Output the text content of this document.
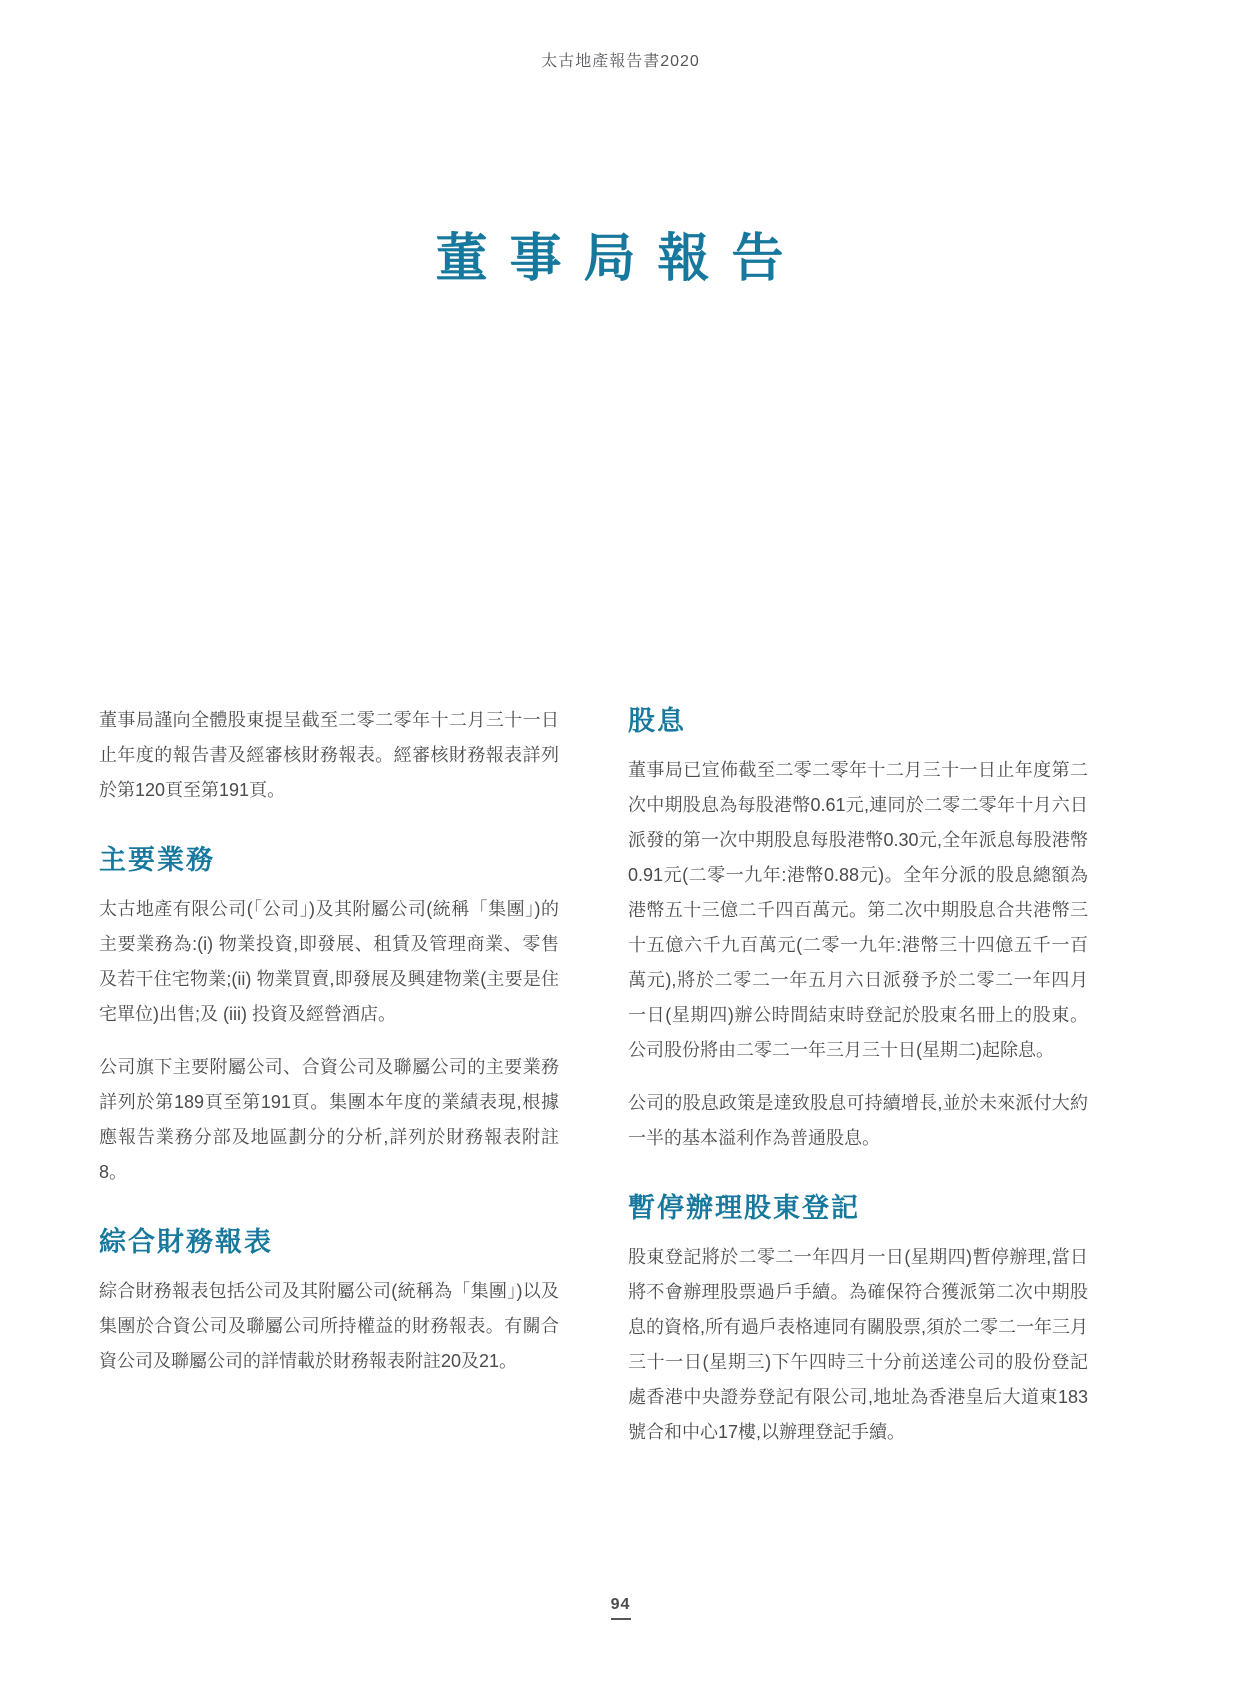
太古地產報告書2020
董事局報告

董事局謹向全體股東提呈截至二零二零年十二月三十一日止年度的報告書及經審核財務報表。經審核財務報表詳列於第120頁至第191頁。

主要業務

太古地產有限公司(「公司」)及其附屬公司(統稱「集團」)的主要業務為:(i) 物業投資,即發展、租賃及管理商業、零售及若干住宅物業;(ii) 物業買賣,即發展及興建物業(主要是住宅單位)出售;及 (iii) 投資及經營酒店。

公司旗下主要附屬公司、合資公司及聯屬公司的主要業務詳列於第189頁至第191頁。集團本年度的業績表現,根據應報告業務分部及地區劃分的分析,詳列於財務報表附註8。

綜合財務報表

綜合財務報表包括公司及其附屬公司(統稱為「集團」)以及集團於合資公司及聯屬公司所持權益的財務報表。有關合資公司及聯屬公司的詳情載於財務報表附註20及21。

股息

董事局已宣佈截至二零二零年十二月三十一日止年度第二次中期股息為每股港幣0.61元,連同於二零二零年十月六日派發的第一次中期股息每股港幣0.30元,全年派息每股港幣0.91元(二零一九年:港幣0.88元)。全年分派的股息總額為港幣五十三億二千四百萬元。第二次中期股息合共港幣三十五億六千九百萬元(二零一九年:港幣三十四億五千一百萬元),將於二零二一年五月六日派發予於二零二一年四月一日(星期四)辦公時間結束時登記於股東名冊上的股東。公司股份將由二零二一年三月三十日(星期二)起除息。

公司的股息政策是達致股息可持續增長,並於未來派付大約一半的基本溢利作為普通股息。

暫停辦理股東登記

股東登記將於二零二一年四月一日(星期四)暫停辦理,當日將不會辦理股票過戶手續。為確保符合獲派第二次中期股息的資格,所有過戶表格連同有關股票,須於二零二一年三月三十一日(星期三)下午四時三十分前送達公司的股份登記處香港中央證券登記有限公司,地址為香港皇后大道東183號合和中心17樓,以辦理登記手續。

94
